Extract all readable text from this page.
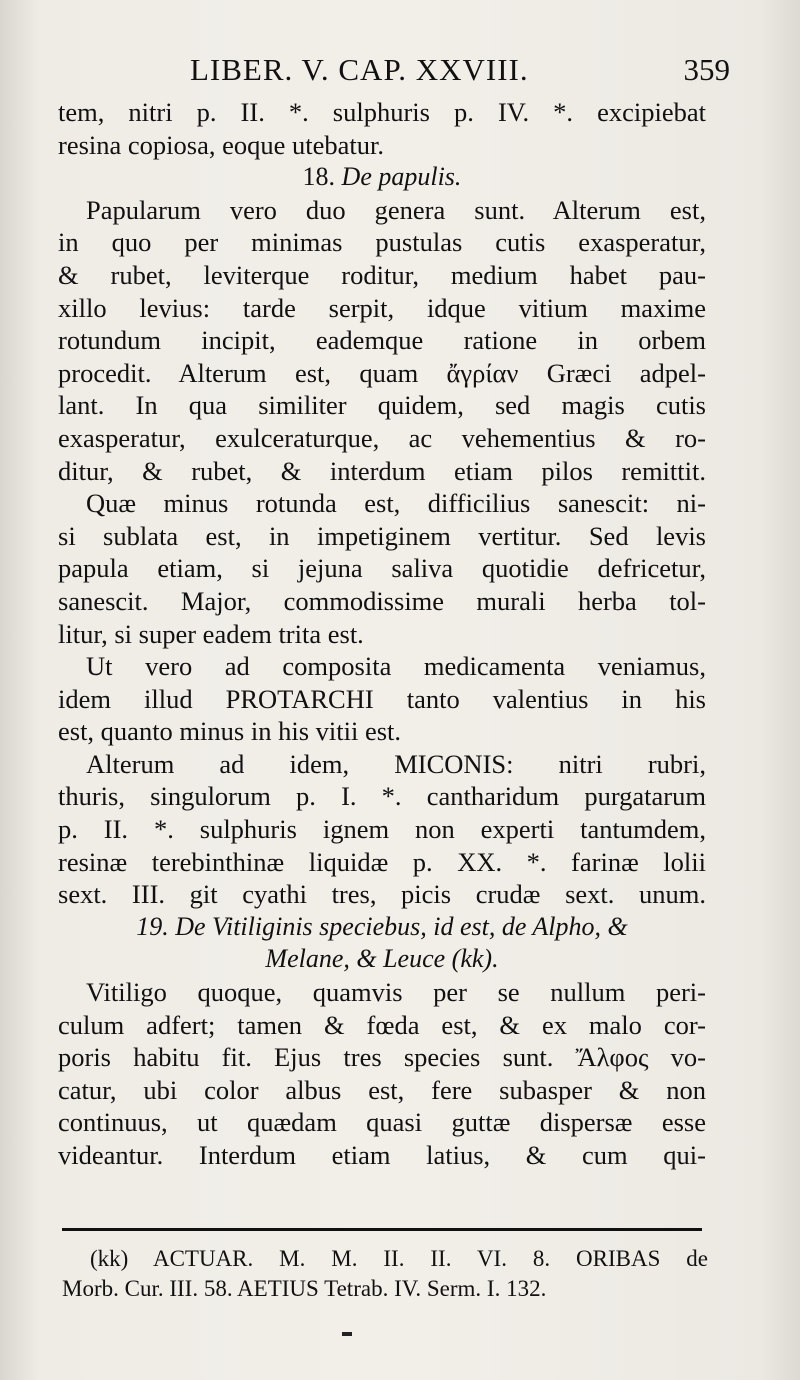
LIBER. V. CAP. XXVIII.	359
tem, nitri p. II. *. sulphuris p. IV. *. excipiebat
resina copiosa, eoque utebatur.
18. De papulis.
Papularum vero duo genera sunt. Alterum est,
in quo per minimas pustulas cutis exasperatur,
& rubet, leviterque roditur, medium habet pau-
xillo levius: tarde serpit, idque vitium maxime
rotundum incipit, eademque ratione in orbem
procedit. Alterum est, quam ἄγρίαν Græci adpel-
lant. In qua similiter quidem, sed magis cutis
exasperatur, exulceraturque, ac vehementius & ro-
ditur, & rubet, & interdum etiam pilos remittit.
Quæ minus rotunda est, difficilius sanescit: ni-
si sublata est, in impetiginem vertitur. Sed levis
papula etiam, si jejuna saliva quotidie defricetur,
sanescit. Major, commodissime murali herba tol-
litur, si super eadem trita est.
Ut vero ad composita medicamenta veniamus,
idem illud PROTARCHI tanto valentius in his
est, quanto minus in his vitii est.
Alterum ad idem, MICONIS: nitri rubri,
thuris, singulorum p. I. *. cantharidum purgatarum
p. II. *. sulphuris ignem non experti tantumdem,
resinæ terebinthinæ liquidæ p. XX. *. farinæ lolii
sext. III. git cyathi tres, picis crudæ sext. unum.
19. De Vitiliginis speciebus, id est, de Alpho, &
Melane, & Leuce (kk).
Vitiligo quoque, quamvis per se nullum peri-
culum adfert; tamen & fœda est, & ex malo cor-
poris habitu fit. Ejus tres species sunt. Ἄλφος vo-
catur, ubi color albus est, fere subasper & non
continuus, ut quædam quasi guttæ dispersæ esse
videantur. Interdum etiam latius, & cum qui-
(kk) ACTUAR. M. M. II. II. VI. 8. ORIBAS de
Morb. Cur. III. 58. AETIUS Tetrab. IV. Serm. I. 132.
